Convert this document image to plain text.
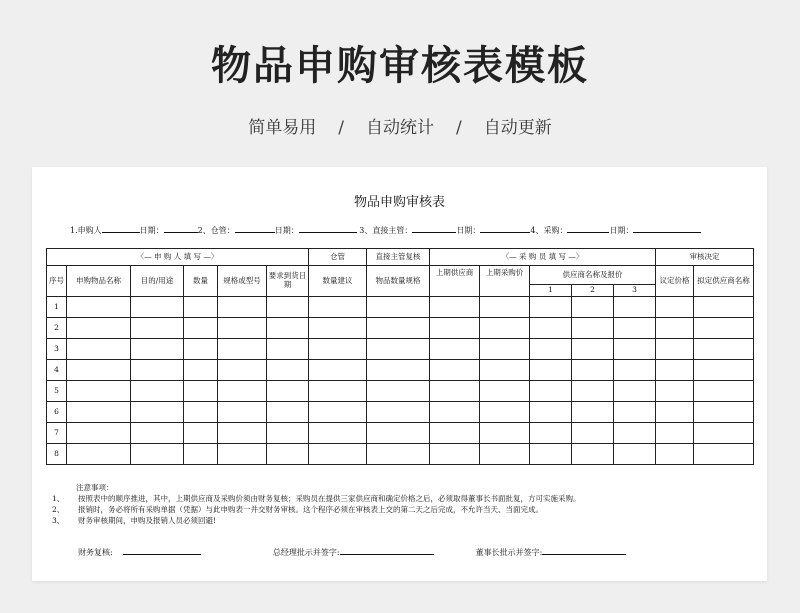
物品申购审核表模板
简单易用 / 自动统计 / 自动更新
物品申购审核表
1.申购人	日期：	2、仓管：	日期：	3、直接主管：	日期：	4、采购：	日期：
〈— 申 购 人 填 写 —〉						仓管	直接主管复核	〈— 采 购 员 填 写 —〉					审核决定	
序号	申购物品名称	目的/用途	数量	规格或型号	要求到货日期	数量建议	物品数量规格	上期供应商	上期采购价	供应商名称及报价			议定价格	拟定供应商名称
										1	2	3		
1														
2														
3														
4														
5														
6														
7														
8														
注意事项：
1、 按照表中的顺序推进，其中，上期供应商及采购价须由财务复核；采购员在提供三家供应商和确定价格之后，必须取得董事长书面批复，方可实施采购。
2、 报销时，务必将所有采购单据（凭据）与此申购表一并交财务审核。这个程序必须在审核表上交的第二天之后完成，不允许当天、当面完成。
3、 财务审核期间，申购及报销人员必须回避!
财务复核:	总经理批示并签字:	董事长批示并签字:
